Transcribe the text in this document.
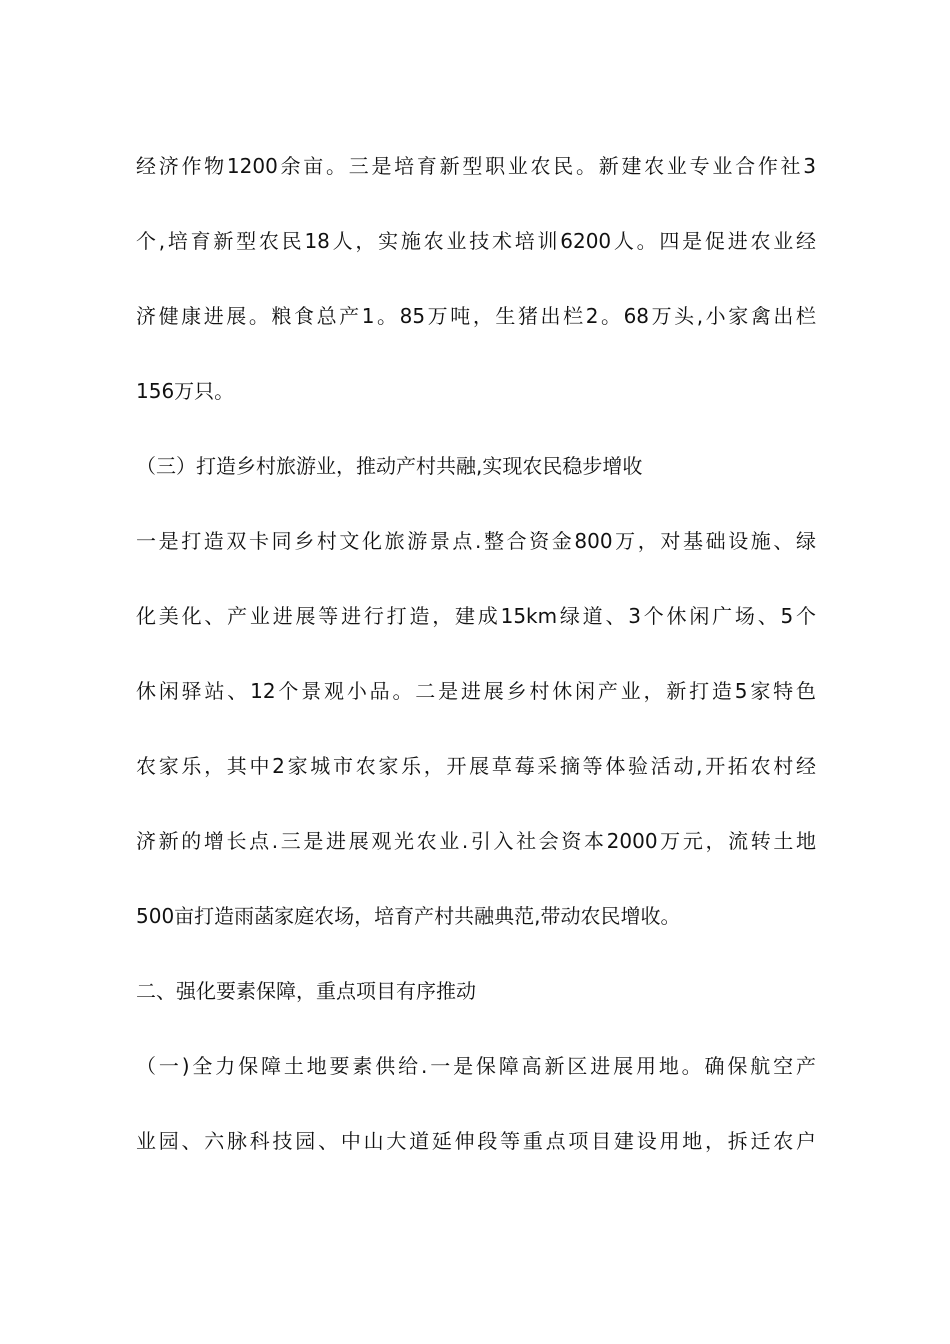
经济作物1200余亩。三是培育新型职业农民。新建农业专业合作社3
个,培育新型农民18人，实施农业技术培训6200人。四是促进农业经
济健康进展。粮食总产1。85万吨，生猪出栏2。68万头,小家禽出栏
156万只。
（三）打造乡村旅游业，推动产村共融,实现农民稳步增收
一是打造双卡同乡村文化旅游景点.整合资金800万，对基础设施、绿
化美化、产业进展等进行打造，建成15km绿道、3个休闲广场、5个
休闲驿站、12个景观小品。二是进展乡村休闲产业，新打造5家特色
农家乐，其中2家城市农家乐，开展草莓采摘等体验活动,开拓农村经
济新的增长点.三是进展观光农业.引入社会资本2000万元，流转土地
500亩打造雨菡家庭农场，培育产村共融典范,带动农民增收。
二、强化要素保障，重点项目有序推动
（一)全力保障土地要素供给.一是保障高新区进展用地。确保航空产
业园、六脉科技园、中山大道延伸段等重点项目建设用地，拆迁农户
